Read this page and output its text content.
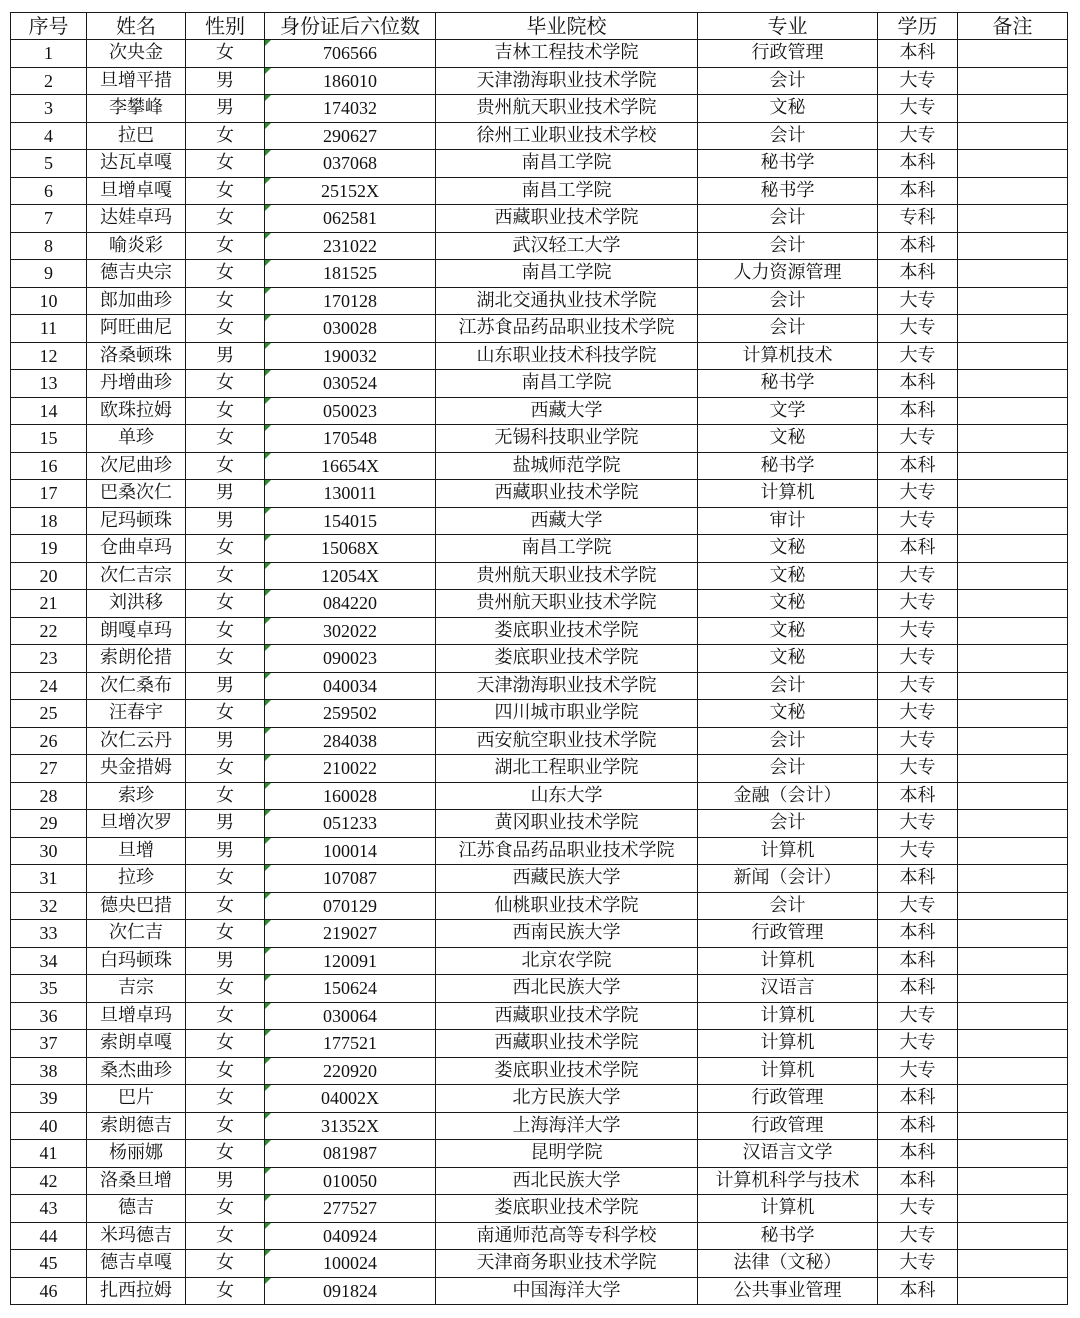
序号	姓名	性别	身份证后六位数	毕业院校	专业	学历	备注
1	次央金	女	706566	吉林工程技术学院	行政管理	本科	
2	旦增平措	男	186010	天津渤海职业技术学院	会计	大专	
3	李攀峰	男	174032	贵州航天职业技术学院	文秘	大专	
4	拉巴	女	290627	徐州工业职业技术学校	会计	大专	
5	达瓦卓嘎	女	037068	南昌工学院	秘书学	本科	
6	旦增卓嘎	女	25152X	南昌工学院	秘书学	本科	
7	达娃卓玛	女	062581	西藏职业技术学院	会计	专科	
8	喻炎彩	女	231022	武汉轻工大学	会计	本科	
9	德吉央宗	女	181525	南昌工学院	人力资源管理	本科	
10	郎加曲珍	女	170128	湖北交通执业技术学院	会计	大专	
11	阿旺曲尼	女	030028	江苏食品药品职业技术学院	会计	大专	
12	洛桑顿珠	男	190032	山东职业技术科技学院	计算机技术	大专	
13	丹增曲珍	女	030524	南昌工学院	秘书学	本科	
14	欧珠拉姆	女	050023	西藏大学	文学	本科	
15	单珍	女	170548	无锡科技职业学院	文秘	大专	
16	次尼曲珍	女	16654X	盐城师范学院	秘书学	本科	
17	巴桑次仁	男	130011	西藏职业技术学院	计算机	大专	
18	尼玛顿珠	男	154015	西藏大学	审计	大专	
19	仓曲卓玛	女	15068X	南昌工学院	文秘	本科	
20	次仁吉宗	女	12054X	贵州航天职业技术学院	文秘	大专	
21	刘洪移	女	084220	贵州航天职业技术学院	文秘	大专	
22	朗嘎卓玛	女	302022	娄底职业技术学院	文秘	大专	
23	索朗伦措	女	090023	娄底职业技术学院	文秘	大专	
24	次仁桑布	男	040034	天津渤海职业技术学院	会计	大专	
25	汪春宇	女	259502	四川城市职业学院	文秘	大专	
26	次仁云丹	男	284038	西安航空职业技术学院	会计	大专	
27	央金措姆	女	210022	湖北工程职业学院	会计	大专	
28	索珍	女	160028	山东大学	金融（会计）	本科	
29	旦增次罗	男	051233	黄冈职业技术学院	会计	大专	
30	旦增	男	100014	江苏食品药品职业技术学院	计算机	大专	
31	拉珍	女	107087	西藏民族大学	新闻（会计）	本科	
32	德央巴措	女	070129	仙桃职业技术学院	会计	大专	
33	次仁吉	女	219027	西南民族大学	行政管理	本科	
34	白玛顿珠	男	120091	北京农学院	计算机	本科	
35	吉宗	女	150624	西北民族大学	汉语言	本科	
36	旦增卓玛	女	030064	西藏职业技术学院	计算机	大专	
37	索朗卓嘎	女	177521	西藏职业技术学院	计算机	大专	
38	桑杰曲珍	女	220920	娄底职业技术学院	计算机	大专	
39	巴片	女	04002X	北方民族大学	行政管理	本科	
40	索朗德吉	女	31352X	上海海洋大学	行政管理	本科	
41	杨丽娜	女	081987	昆明学院	汉语言文学	本科	
42	洛桑旦增	男	010050	西北民族大学	计算机科学与技术	本科	
43	德吉	女	277527	娄底职业技术学院	计算机	大专	
44	米玛德吉	女	040924	南通师范高等专科学校	秘书学	大专	
45	德吉卓嘎	女	100024	天津商务职业技术学院	法律（文秘）	大专	
46	扎西拉姆	女	091824	中国海洋大学	公共事业管理	本科	
